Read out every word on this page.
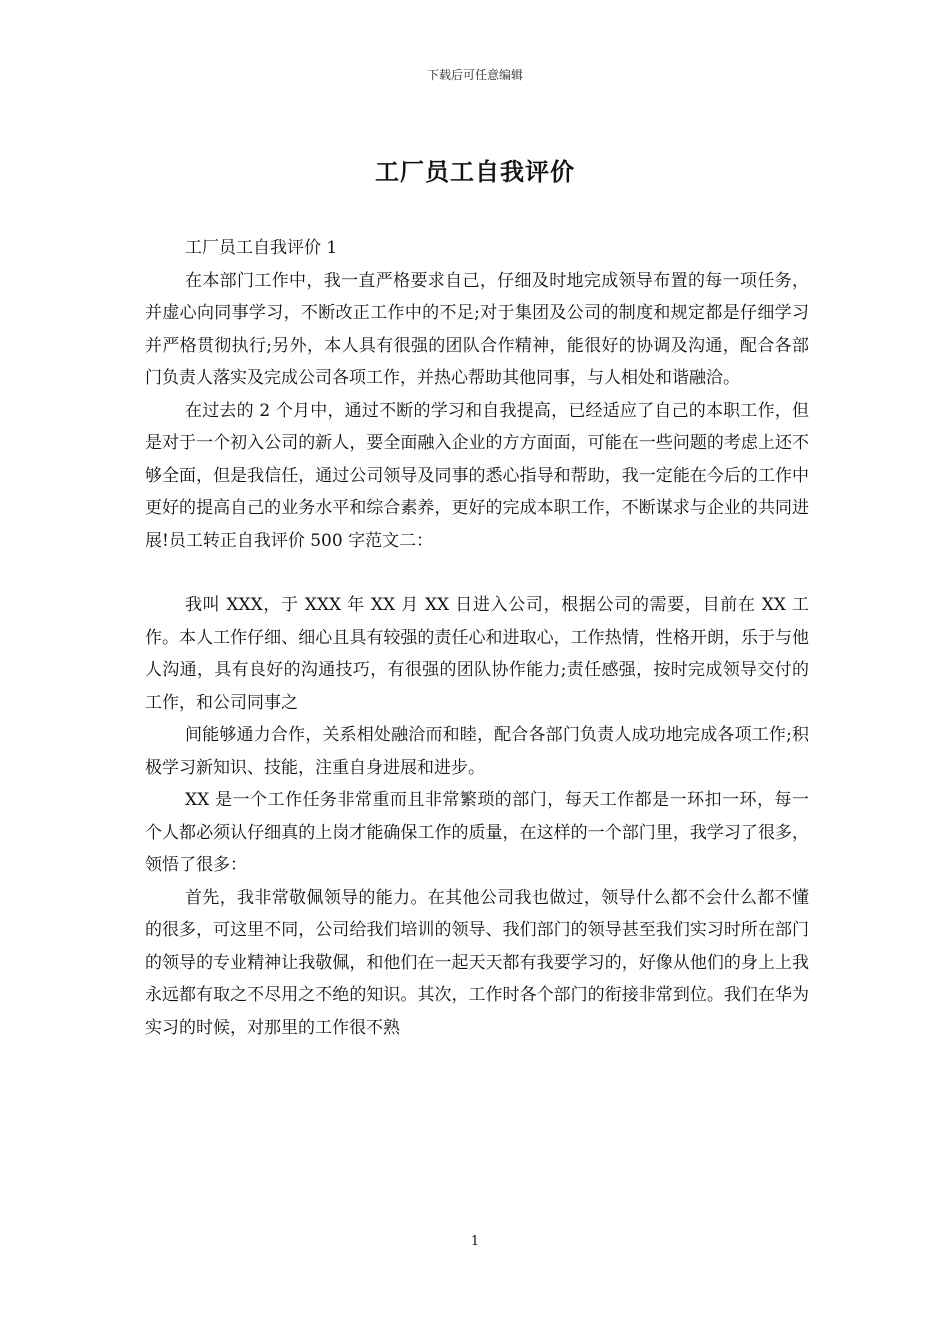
下载后可任意编辑
工厂员工自我评价

工厂员工自我评价 1

在本部门工作中，我一直严格要求自己，仔细及时地完成领导布置的每一项任务，并虚心向同事学习，不断改正工作中的不足;对于集团及公司的制度和规定都是仔细学习并严格贯彻执行;另外，本人具有很强的团队合作精神，能很好的协调及沟通，配合各部门负责人落实及完成公司各项工作，并热心帮助其他同事，与人相处和谐融洽。

在过去的 2 个月中，通过不断的学习和自我提高，已经适应了自己的本职工作，但是对于一个初入公司的新人，要全面融入企业的方方面面，可能在一些问题的考虑上还不够全面，但是我信任，通过公司领导及同事的悉心指导和帮助，我一定能在今后的工作中更好的提高自己的业务水平和综合素养，更好的完成本职工作，不断谋求与企业的共同进展!员工转正自我评价 500 字范文二：

我叫 XXX，于 XXX 年 XX 月 XX 日进入公司，根据公司的需要，目前在 XX 工作。本人工作仔细、细心且具有较强的责任心和进取心，工作热情，性格开朗，乐于与他人沟通，具有良好的沟通技巧，有很强的团队协作能力;责任感强，按时完成领导交付的工作，和公司同事之

间能够通力合作，关系相处融洽而和睦，配合各部门负责人成功地完成各项工作;积极学习新知识、技能，注重自身进展和进步。

XX 是一个工作任务非常重而且非常繁琐的部门，每天工作都是一环扣一环，每一个人都必须认仔细真的上岗才能确保工作的质量，在这样的一个部门里，我学习了很多，领悟了很多：

首先，我非常敬佩领导的能力。在其他公司我也做过，领导什么都不会什么都不懂的很多，可这里不同，公司给我们培训的领导、我们部门的领导甚至我们实习时所在部门的领导的专业精神让我敬佩，和他们在一起天天都有我要学习的，好像从他们的身上上我永远都有取之不尽用之不绝的知识。其次，工作时各个部门的衔接非常到位。我们在华为实习的时候，对那里的工作很不熟

1
